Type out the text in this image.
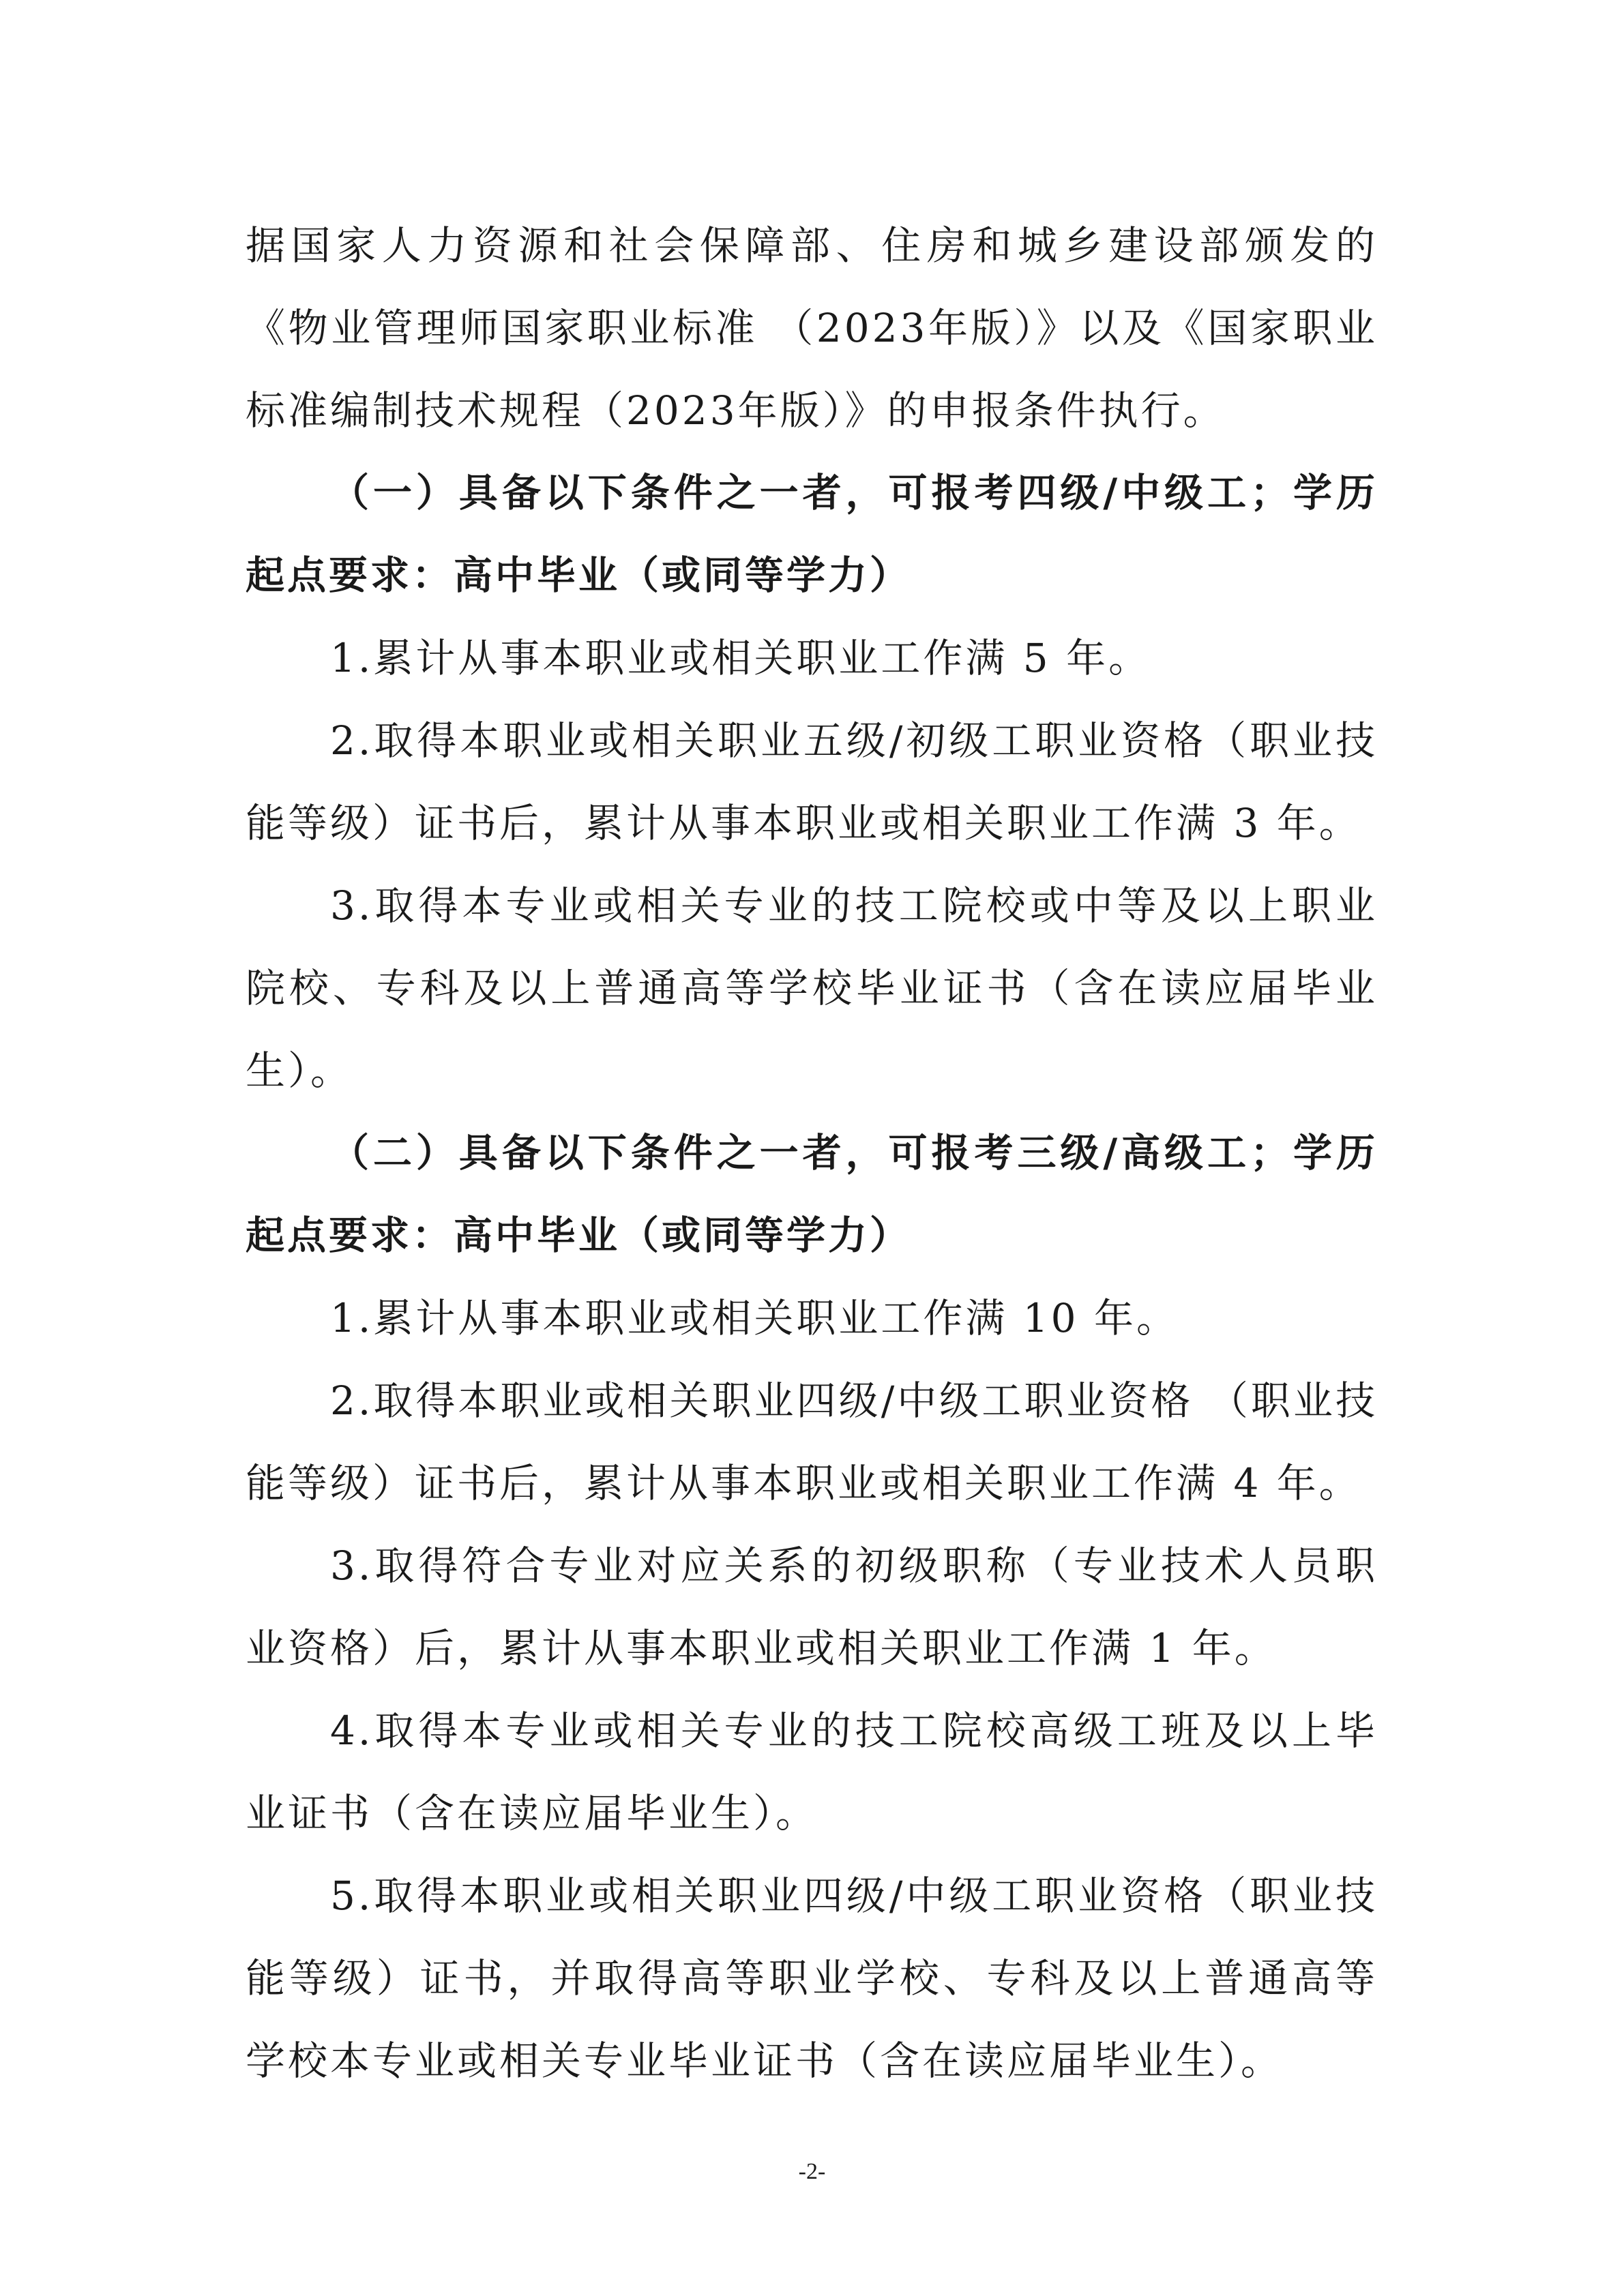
据国家人力资源和社会保障部、住房和城乡建设部颁发的《物业管理师国家职业标准 （2023年版）》以及《国家职业标准编制技术规程（2023年版）》的申报条件执行。

（一）具备以下条件之一者，可报考四级/中级工；学历起点要求：高中毕业（或同等学力）

1.累计从事本职业或相关职业工作满 5 年。

2.取得本职业或相关职业五级/初级工职业资格（职业技能等级）证书后，累计从事本职业或相关职业工作满 3 年。

3.取得本专业或相关专业的技工院校或中等及以上职业院校、专科及以上普通高等学校毕业证书（含在读应届毕业生）。

（二）具备以下条件之一者，可报考三级/高级工；学历起点要求：高中毕业（或同等学力）

1.累计从事本职业或相关职业工作满 10 年。

2.取得本职业或相关职业四级/中级工职业资格 （职业技能等级）证书后，累计从事本职业或相关职业工作满 4 年。

3.取得符合专业对应关系的初级职称（专业技术人员职业资格）后，累计从事本职业或相关职业工作满 1 年。

4.取得本专业或相关专业的技工院校高级工班及以上毕业证书（含在读应届毕业生）。

5.取得本职业或相关职业四级/中级工职业资格（职业技能等级）证书，并取得高等职业学校、专科及以上普通高等学校本专业或相关专业毕业证书（含在读应届毕业生）。

-2-
